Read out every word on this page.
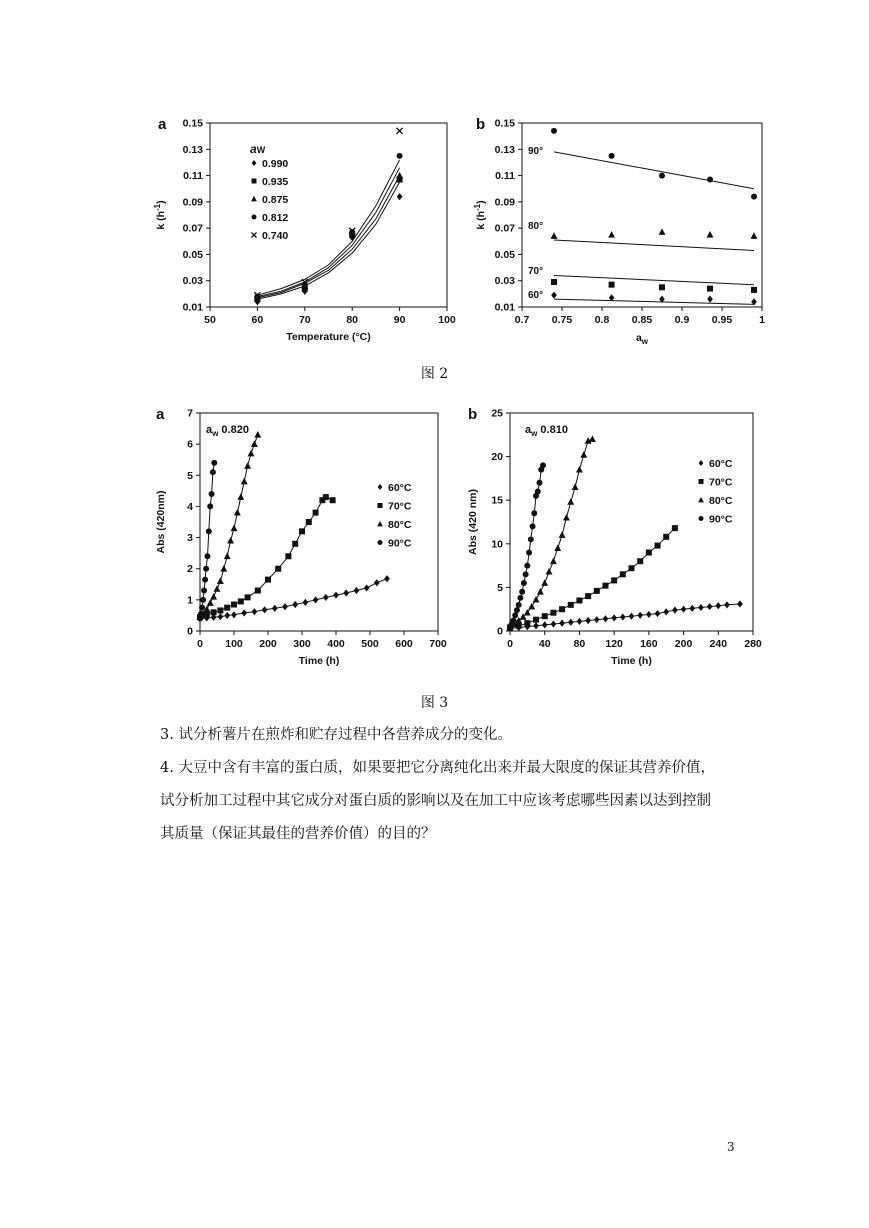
50	60	70	80	90	100
0.01
0.03
0.05
0.07
0.09
0.11
0.13
0.15
Temperature (°C)
k $(h^{-1})$
a
aW
0.990
0.935
0.875
0.812
0.740
0.7 0.75 0.8 0.85 0.9 0.95	1
0.01
0.03
0.05
0.07
0.09
0.11
0.13
0.15
$a_w$
k $(h^{-1})$
b
90°
80°
70°
60°
图 2
0 100 200 300 400 500 600 700
0
1
2
3
4
5
6
7
Time (h)
Abs (420nm)
a
60°C
70°C
80°C
90°C
$a_w$ 0.820
0 40 80 120 160 200 240 280
0
5
10
15
20
25
Time (h)
Abs (420 nm)
b
60°C
70°C
80°C
90°C
$a_w$ 0.810
图 3

3. 试分析薯片在煎炸和贮存过程中各营养成分的变化。

4. 大豆中含有丰富的蛋白质，如果要把它分离纯化出来并最大限度的保证其营养价值，试分析加工过程中其它成分对蛋白质的影响以及在加工中应该考虑哪些因素以达到控制其质量（保证其最佳的营养价值）的目的？

3
